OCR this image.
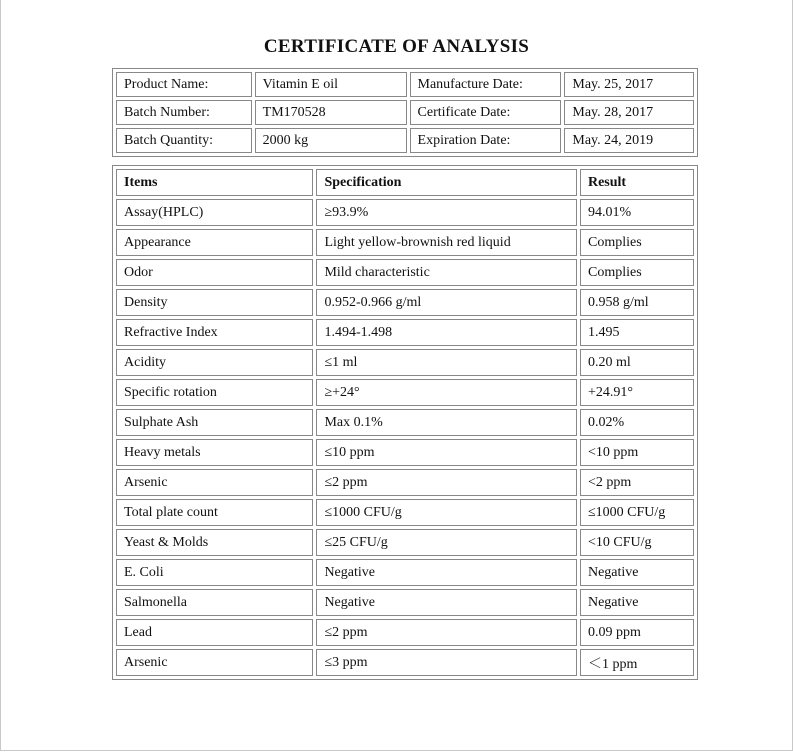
CERTIFICATE OF ANALYSIS
Product Name:	Vitamin E oil	Manufacture Date:	May. 25, 2017
Batch Number:	TM170528	Certificate Date:	May. 28, 2017
Batch Quantity:	2000 kg	Expiration Date:	May. 24, 2019
Items	Specification	Result
Assay(HPLC)	≥93.9%	94.01%
Appearance	Light yellow-brownish red liquid	Complies
Odor	Mild characteristic	Complies
Density	0.952-0.966 g/ml	0.958 g/ml
Refractive Index	1.494-1.498	1.495
Acidity	≤1 ml	0.20 ml
Specific rotation	≥+24°	+24.91°
Sulphate Ash	Max 0.1%	0.02%
Heavy metals	≤10 ppm	<10 ppm
Arsenic	≤2 ppm	<2 ppm
Total plate count	≤1000 CFU/g	≤1000 CFU/g
Yeast & Molds	≤25 CFU/g	<10 CFU/g
E. Coli	Negative	Negative
Salmonella	Negative	Negative
Lead	≤2 ppm	0.09 ppm
Arsenic	≤3 ppm	＜1 ppm
